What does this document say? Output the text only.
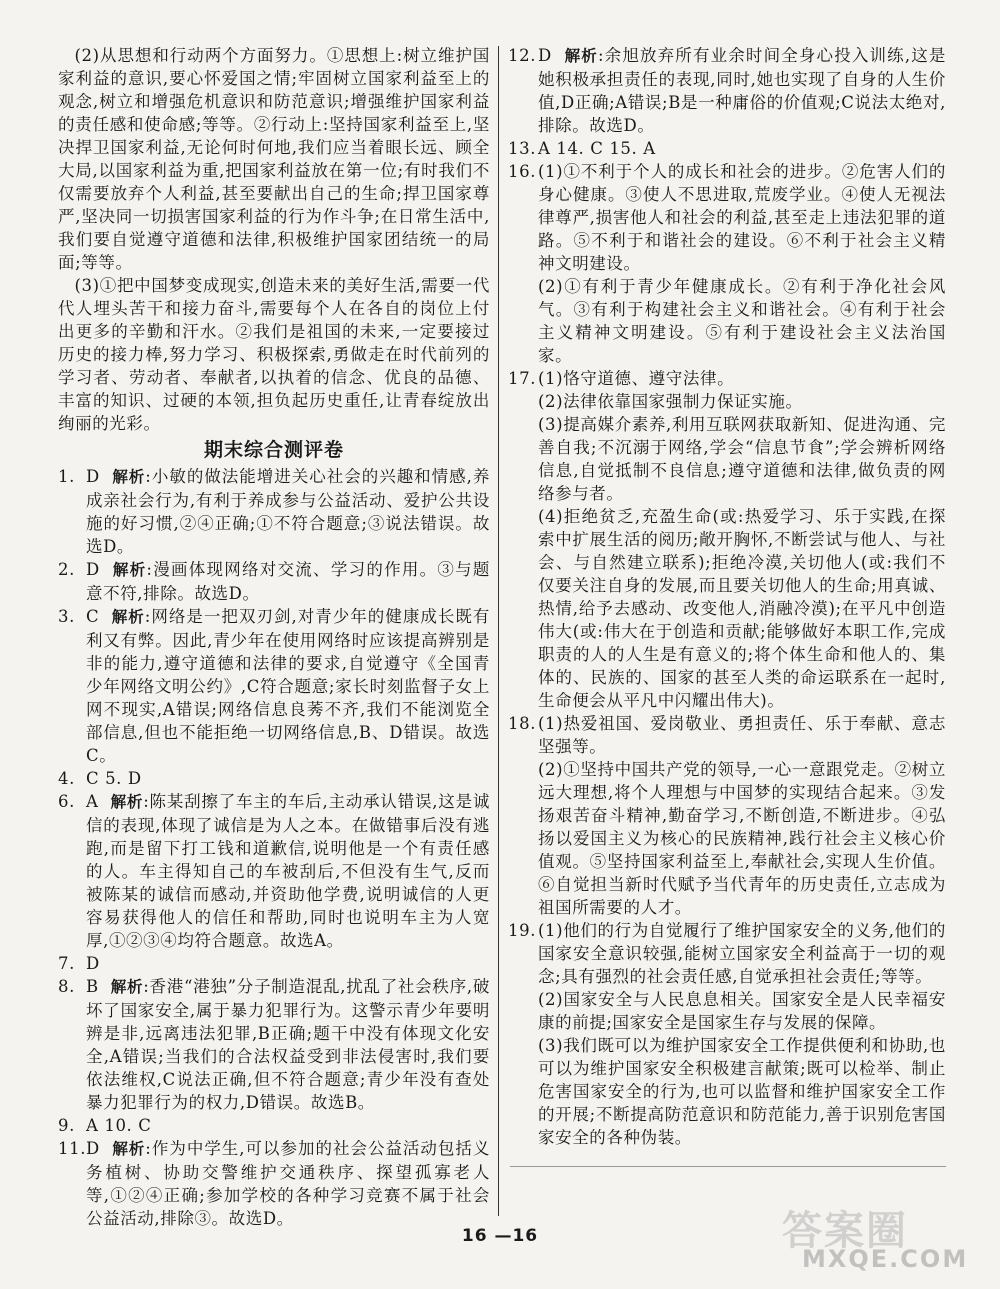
(2)从思想和行动两个方面努力。①思想上:树立维护国家利益的意识,要心怀爱国之情;牢固树立国家利益至上的观念,树立和增强危机意识和防范意识;增强维护国家利益的责任感和使命感;等等。②行动上:坚持国家利益至上,坚决捍卫国家利益,无论何时何地,我们应当着眼长远、顾全大局,以国家利益为重,把国家利益放在第一位;有时我们不仅需要放弃个人利益,甚至要献出自己的生命;捍卫国家尊严,坚决同一切损害国家利益的行为作斗争;在日常生活中,我们要自觉遵守道德和法律,积极维护国家团结统一的局面;等等。

(3)①把中国梦变成现实,创造未来的美好生活,需要一代代人埋头苦干和接力奋斗,需要每个人在各自的岗位上付出更多的辛勤和汗水。②我们是祖国的未来,一定要接过历史的接力棒,努力学习、积极探索,勇做走在时代前列的学习者、劳动者、奉献者,以执着的信念、优良的品德、丰富的知识、过硬的本领,担负起历史重任,让青春绽放出绚丽的光彩。

期末综合测评卷
1. D 解析:小敏的做法能增进关心社会的兴趣和情感,养成亲社会行为,有利于养成参与公益活动、爱护公共设施的好习惯,②④正确;①不符合题意;③说法错误。故选D。
2. D 解析:漫画体现网络对交流、学习的作用。③与题意不符,排除。故选D。
3. C 解析:网络是一把双刃剑,对青少年的健康成长既有利又有弊。因此,青少年在使用网络时应该提高辨别是非的能力,遵守道德和法律的要求,自觉遵守《全国青少年网络文明公约》,C符合题意;家长时刻监督子女上网不现实,A错误;网络信息良莠不齐,我们不能浏览全部信息,但也不能拒绝一切网络信息,B、D错误。故选C。
4. C 5. D
6. A 解析:陈某刮擦了车主的车后,主动承认错误,这是诚信的表现,体现了诚信是为人之本。在做错事后没有逃跑,而是留下打工钱和道歉信,说明他是一个有责任感的人。车主得知自己的车被刮后,不但没有生气,反而被陈某的诚信而感动,并资助他学费,说明诚信的人更容易获得他人的信任和帮助,同时也说明车主为人宽厚,①②③④均符合题意。故选A。
7. D
8. B 解析:香港“港独”分子制造混乱,扰乱了社会秩序,破坏了国家安全,属于暴力犯罪行为。这警示青少年要明辨是非,远离违法犯罪,B正确;题干中没有体现文化安全,A错误;当我们的合法权益受到非法侵害时,我们要依法维权,C说法正确,但不符合题意;青少年没有查处暴力犯罪行为的权力,D错误。故选B。
9. A 10. C
11. D 解析:作为中学生,可以参加的社会公益活动包括义务植树、协助交警维护交通秩序、探望孤寡老人等,①②④正确;参加学校的各种学习竞赛不属于社会公益活动,排除③。故选D。
12. D 解析:余旭放弃所有业余时间全身心投入训练,这是她积极承担责任的表现,同时,她也实现了自身的人生价值,D正确;A错误;B是一种庸俗的价值观;C说法太绝对,排除。故选D。
13. A 14. C 15. A
16. (1)①不利于个人的成长和社会的进步。②危害人们的身心健康。③使人不思进取,荒废学业。④使人无视法律尊严,损害他人和社会的利益,甚至走上违法犯罪的道路。⑤不利于和谐社会的建设。⑥不利于社会主义精神文明建设。

(2)①有利于青少年健康成长。②有利于净化社会风气。③有利于构建社会主义和谐社会。④有利于社会主义精神文明建设。⑤有利于建设社会主义法治国家。

17. (1)恪守道德、遵守法律。

(2)法律依靠国家强制力保证实施。

(3)提高媒介素养,利用互联网获取新知、促进沟通、完善自我;不沉溺于网络,学会“信息节食”;学会辨析网络信息,自觉抵制不良信息;遵守道德和法律,做负责的网络参与者。

(4)拒绝贫乏,充盈生命(或:热爱学习、乐于实践,在探索中扩展生活的阅历;敞开胸怀,不断尝试与他人、与社会、与自然建立联系);拒绝冷漠,关切他人(或:我们不仅要关注自身的发展,而且要关切他人的生命;用真诚、热情,给予去感动、改变他人,消融冷漠);在平凡中创造伟大(或:伟大在于创造和贡献;能够做好本职工作,完成职责的人的人生是有意义的;将个体生命和他人的、集体的、民族的、国家的甚至人类的命运联系在一起时,生命便会从平凡中闪耀出伟大)。

18. (1)热爱祖国、爱岗敬业、勇担责任、乐于奉献、意志坚强等。

(2)①坚持中国共产党的领导,一心一意跟党走。②树立远大理想,将个人理想与中国梦的实现结合起来。③发扬艰苦奋斗精神,勤奋学习,不断创造,不断进步。④弘扬以爱国主义为核心的民族精神,践行社会主义核心价值观。⑤坚持国家利益至上,奉献社会,实现人生价值。⑥自觉担当新时代赋予当代青年的历史责任,立志成为祖国所需要的人才。

19. (1)他们的行为自觉履行了维护国家安全的义务,他们的国家安全意识较强,能树立国家安全利益高于一切的观念;具有强烈的社会责任感,自觉承担社会责任;等等。

(2)国家安全与人民息息相关。国家安全是人民幸福安康的前提;国家安全是国家生存与发展的保障。

(3)我们既可以为维护国家安全工作提供便利和协助,也可以为维护国家安全积极建言献策;既可以检举、制止危害国家安全的行为,也可以监督和维护国家安全工作的开展;不断提高防范意识和防范能力,善于识别危害国家安全的各种伪装。

16 —16	答案圈
MXQE.COM
